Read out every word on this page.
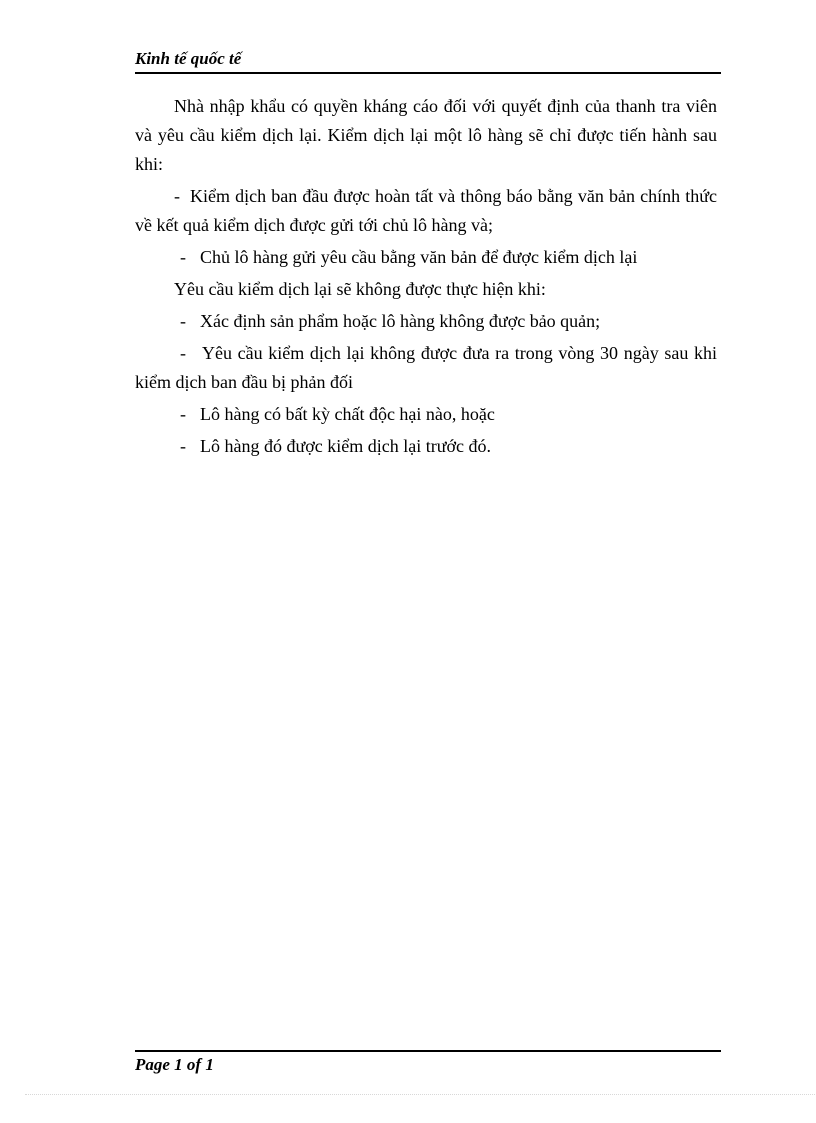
Kinh tế quốc tế

Nhà nhập khẩu có quyền kháng cáo đối với quyết định của thanh tra viên và yêu cầu kiểm dịch lại. Kiểm dịch lại một lô hàng sẽ chỉ được tiến hành sau khi:

- Kiểm dịch ban đầu được hoàn tất và thông báo bằng văn bản chính thức về kết quả kiểm dịch được gửi tới chủ lô hàng và;

- Chủ lô hàng gửi yêu cầu bằng văn bản để được kiểm dịch lại

Yêu cầu kiểm dịch lại sẽ không được thực hiện khi:

- Xác định sản phẩm hoặc lô hàng không được bảo quản;

- Yêu cầu kiểm dịch lại không được đưa ra trong vòng 30 ngày sau khi kiểm dịch ban đầu bị phản đối

- Lô hàng có bất kỳ chất độc hại nào, hoặc

- Lô hàng đó được kiểm dịch lại trước đó.

Page 1 of 1
